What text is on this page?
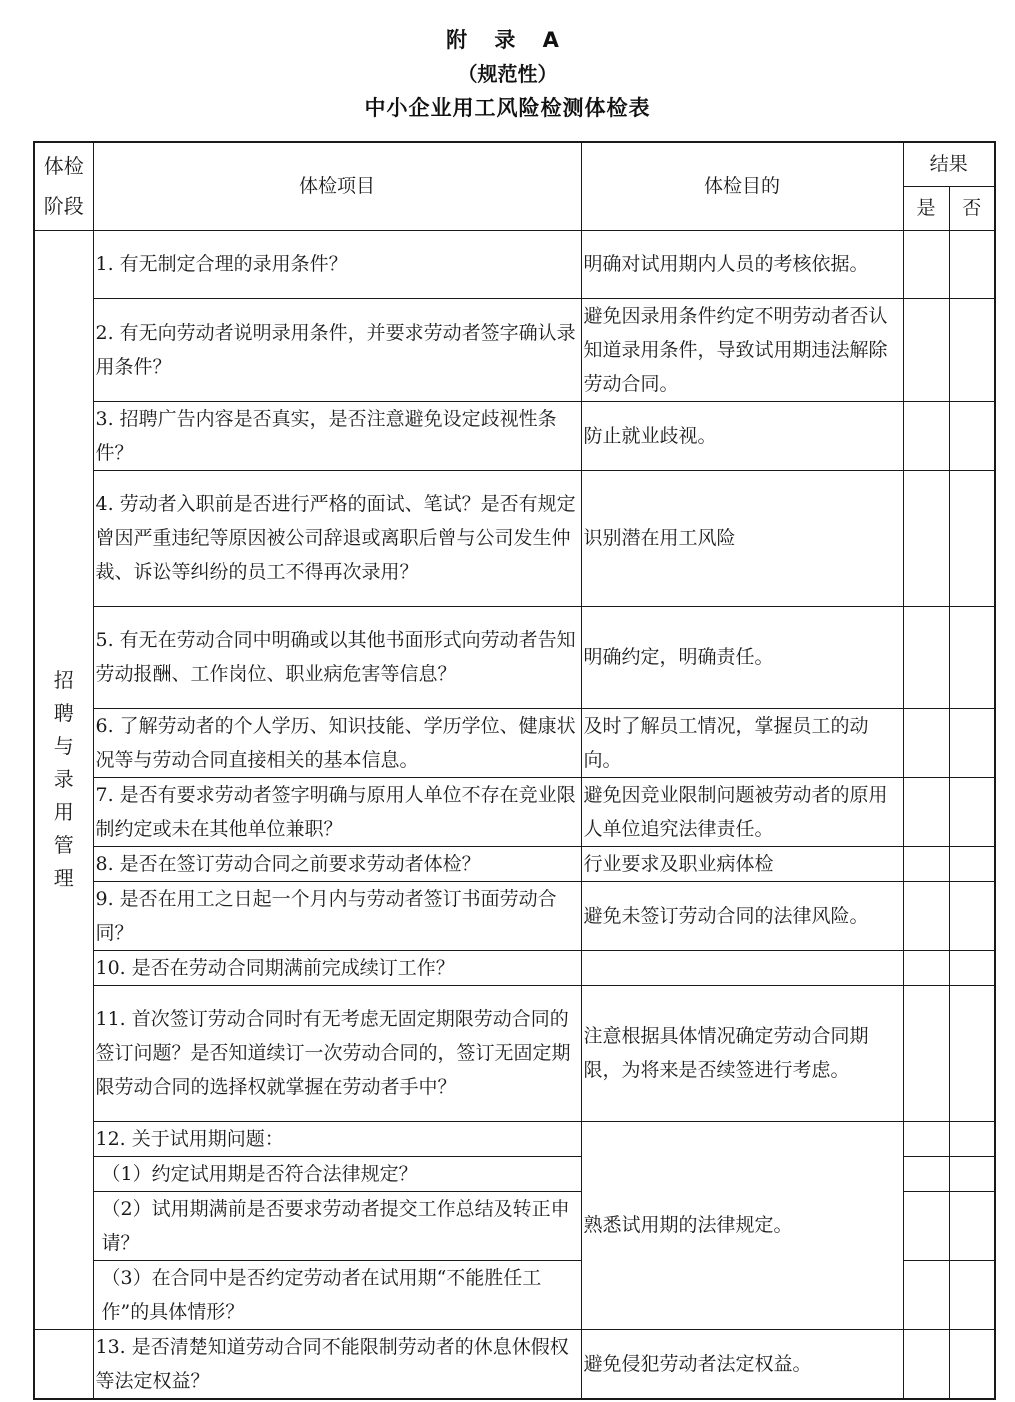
附 录 A
（规范性）
中小企业用工风险检测体检表
体检阶段	体检项目	体检目的	结果	
			是	否
招聘与录用管理	1. 有无制定合理的录用条件？	明确对试用期内人员的考核依据。		
	2. 有无向劳动者说明录用条件，并要求劳动者签字确认录用条件？	避免因录用条件约定不明劳动者否认知道录用条件，导致试用期违法解除劳动合同。		
	3. 招聘广告内容是否真实，是否注意避免设定歧视性条件？	防止就业歧视。		
	4. 劳动者入职前是否进行严格的面试、笔试？是否有规定曾因严重违纪等原因被公司辞退或离职后曾与公司发生仲裁、诉讼等纠纷的员工不得再次录用？	识别潜在用工风险		
	5. 有无在劳动合同中明确或以其他书面形式向劳动者告知劳动报酬、工作岗位、职业病危害等信息？	明确约定，明确责任。		
	6. 了解劳动者的个人学历、知识技能、学历学位、健康状况等与劳动合同直接相关的基本信息。	及时了解员工情况，掌握员工的动向。		
	7. 是否有要求劳动者签字明确与原用人单位不存在竞业限制约定或未在其他单位兼职？	避免因竞业限制问题被劳动者的原用人单位追究法律责任。		
	8. 是否在签订劳动合同之前要求劳动者体检？	行业要求及职业病体检		
	9. 是否在用工之日起一个月内与劳动者签订书面劳动合同？	避免未签订劳动合同的法律风险。		
	10. 是否在劳动合同期满前完成续订工作？			
	11. 首次签订劳动合同时有无考虑无固定期限劳动合同的签订问题？是否知道续订一次劳动合同的，签订无固定期限劳动合同的选择权就掌握在劳动者手中？	注意根据具体情况确定劳动合同期限，为将来是否续签进行考虑。		
	12. 关于试用期问题：	熟悉试用期的法律规定。		
	（1）约定试用期是否符合法律规定？			
	（2）试用期满前是否要求劳动者提交工作总结及转正申请？			
	（3）在合同中是否约定劳动者在试用期“不能胜任工作”的具体情形？			
	13. 是否清楚知道劳动合同不能限制劳动者的休息休假权等法定权益？	避免侵犯劳动者法定权益。		
